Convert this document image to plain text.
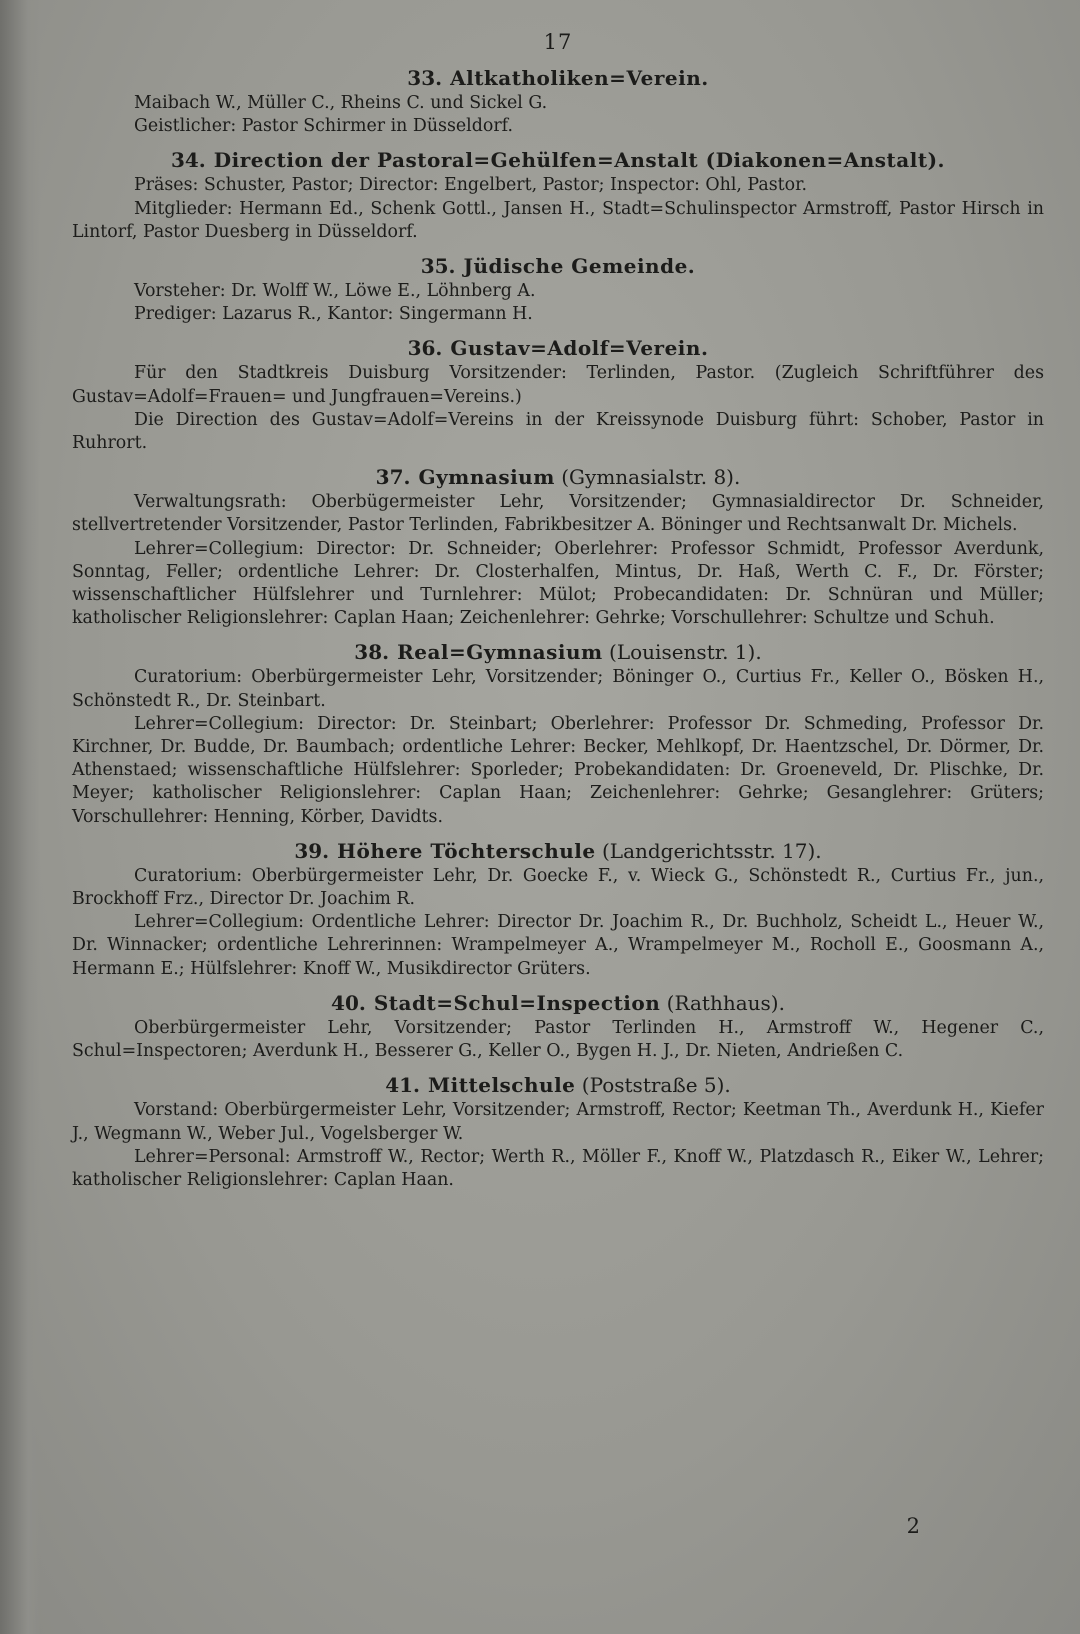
17

33. Altkatholiken=Verein.

Maibach W., Müller C., Rheins C. und Sickel G.

Geistlicher: Pastor Schirmer in Düsseldorf.

34. Direction der Pastoral=Gehülfen=Anstalt (Diakonen=Anstalt).

Präses: Schuster, Pastor; Director: Engelbert, Pastor; Inspector: Ohl, Pastor.

Mitglieder: Hermann Ed., Schenk Gottl., Jansen H., Stadt=Schulinspector Armstroff, Pastor Hirsch in Lintorf, Pastor Duesberg in Düsseldorf.

35. Jüdische Gemeinde.

Vorsteher: Dr. Wolff W., Löwe E., Löhnberg A.

Prediger: Lazarus R., Kantor: Singermann H.

36. Gustav=Adolf=Verein.

Für den Stadtkreis Duisburg Vorsitzender: Terlinden, Pastor. (Zugleich Schriftführer des Gustav=Adolf=Frauen= und Jungfrauen=Vereins.)

Die Direction des Gustav=Adolf=Vereins in der Kreissynode Duisburg führt: Schober, Pastor in Ruhrort.

37. Gymnasium (Gymnasialstr. 8).

Verwaltungsrath: Oberbügermeister Lehr, Vorsitzender; Gymnasialdirector Dr. Schneider, stellvertretender Vorsitzender, Pastor Terlinden, Fabrikbesitzer A. Böninger und Rechtsanwalt Dr. Michels.

Lehrer=Collegium: Director: Dr. Schneider; Oberlehrer: Professor Schmidt, Professor Averdunk, Sonntag, Feller; ordentliche Lehrer: Dr. Closterhalfen, Mintus, Dr. Haß, Werth C. F., Dr. Förster; wissenschaftlicher Hülfslehrer und Turnlehrer: Mülot; Probecandidaten: Dr. Schnüran und Müller; katholischer Religionslehrer: Caplan Haan; Zeichenlehrer: Gehrke; Vorschullehrer: Schultze und Schuh.

38. Real=Gymnasium (Louisenstr. 1).

Curatorium: Oberbürgermeister Lehr, Vorsitzender; Böninger O., Curtius Fr., Keller O., Bösken H., Schönstedt R., Dr. Steinbart.

Lehrer=Collegium: Director: Dr. Steinbart; Oberlehrer: Professor Dr. Schmeding, Professor Dr. Kirchner, Dr. Budde, Dr. Baumbach; ordentliche Lehrer: Becker, Mehlkopf, Dr. Haentzschel, Dr. Dörmer, Dr. Athenstaed; wissenschaftliche Hülfslehrer: Sporleder; Probekandidaten: Dr. Groeneveld, Dr. Plischke, Dr. Meyer; katholischer Religionslehrer: Caplan Haan; Zeichenlehrer: Gehrke; Gesanglehrer: Grüters; Vorschullehrer: Henning, Körber, Davidts.

39. Höhere Töchterschule (Landgerichtsstr. 17).

Curatorium: Oberbürgermeister Lehr, Dr. Goecke F., v. Wieck G., Schönstedt R., Curtius Fr., jun., Brockhoff Frz., Director Dr. Joachim R.

Lehrer=Collegium: Ordentliche Lehrer: Director Dr. Joachim R., Dr. Buchholz, Scheidt L., Heuer W., Dr. Winnacker; ordentliche Lehrerinnen: Wrampelmeyer A., Wrampelmeyer M., Rocholl E., Goosmann A., Hermann E.; Hülfslehrer: Knoff W., Musikdirector Grüters.

40. Stadt=Schul=Inspection (Rathhaus).

Oberbürgermeister Lehr, Vorsitzender; Pastor Terlinden H., Armstroff W., Hegener C., Schul=Inspectoren; Averdunk H., Besserer G., Keller O., Bygen H. J., Dr. Nieten, Andrießen C.

41. Mittelschule (Poststraße 5).

Vorstand: Oberbürgermeister Lehr, Vorsitzender; Armstroff, Rector; Keetman Th., Averdunk H., Kiefer J., Wegmann W., Weber Jul., Vogelsberger W.

Lehrer=Personal: Armstroff W., Rector; Werth R., Möller F., Knoff W., Platzdasch R., Eiker W., Lehrer; katholischer Religionslehrer: Caplan Haan.

2
